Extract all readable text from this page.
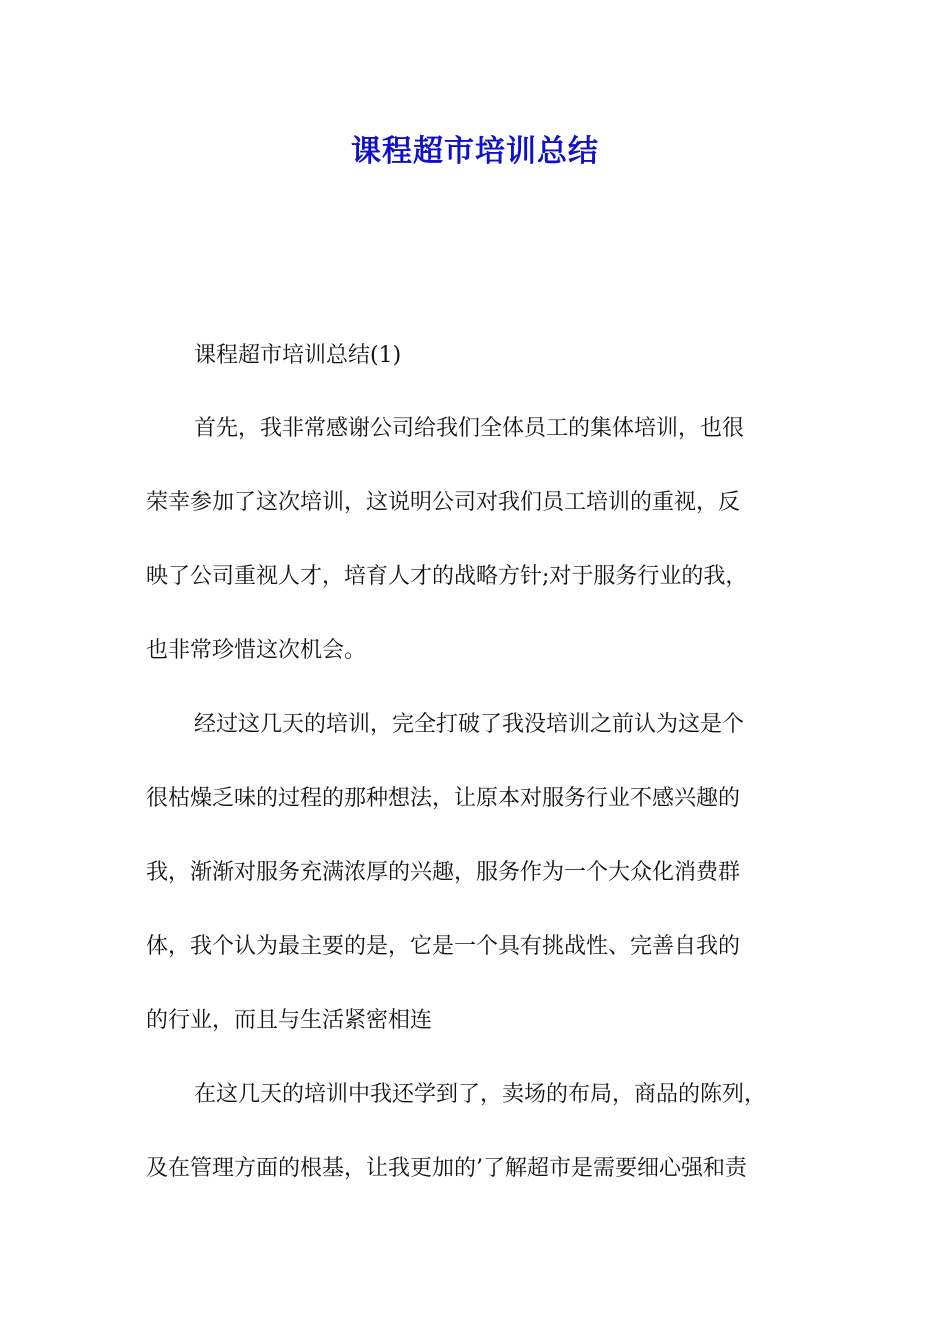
课程超市培训总结
课程超市培训总结(1)
首先，我非常感谢公司给我们全体员工的集体培训，也很
荣幸参加了这次培训，这说明公司对我们员工培训的重视，反
映了公司重视人才，培育人才的战略方针;对于服务行业的我，
也非常珍惜这次机会。
经过这几天的培训，完全打破了我没培训之前认为这是个
很枯燥乏味的过程的那种想法，让原本对服务行业不感兴趣的
我，渐渐对服务充满浓厚的兴趣，服务作为一个大众化消费群
体，我个认为最主要的是，它是一个具有挑战性、完善自我的
的行业，而且与生活紧密相连
在这几天的培训中我还学到了，卖场的布局，商品的陈列，
及在管理方面的根基，让我更加的’了解超市是需要细心强和责
